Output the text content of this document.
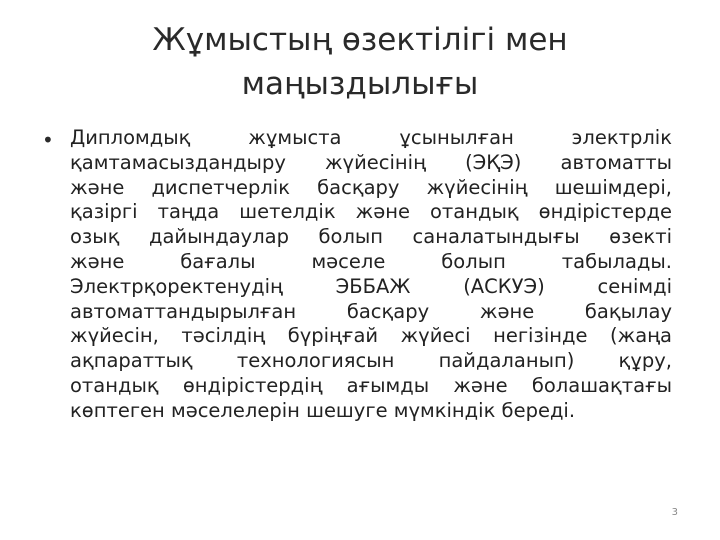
Жұмыстың өзектілігі мен
маңыздылығы
• Дипломдық жұмыста ұсынылған электрлік
қамтамасыздандыру жүйесінің (ЭҚЭ) автоматты
және диспетчерлік басқару жүйесінің шешімдері,
қазіргі таңда шетелдік және отандық өндірістерде
озық дайындаулар болып саналатындығы өзекті
және бағалы мәселе болып табылады.
Электрқоректенудің ЭББАЖ (АСКУЭ) сенімді
автоматтандырылған басқару және бақылау
жүйесін, тәсілдің бүріңғай жүйесі негізінде (жаңа
ақпараттық технологиясын пайдаланып) құру,
отандық өндірістердің ағымды және болашақтағы
көптеген мәселелерін шешуге мүмкіндік береді.

3
